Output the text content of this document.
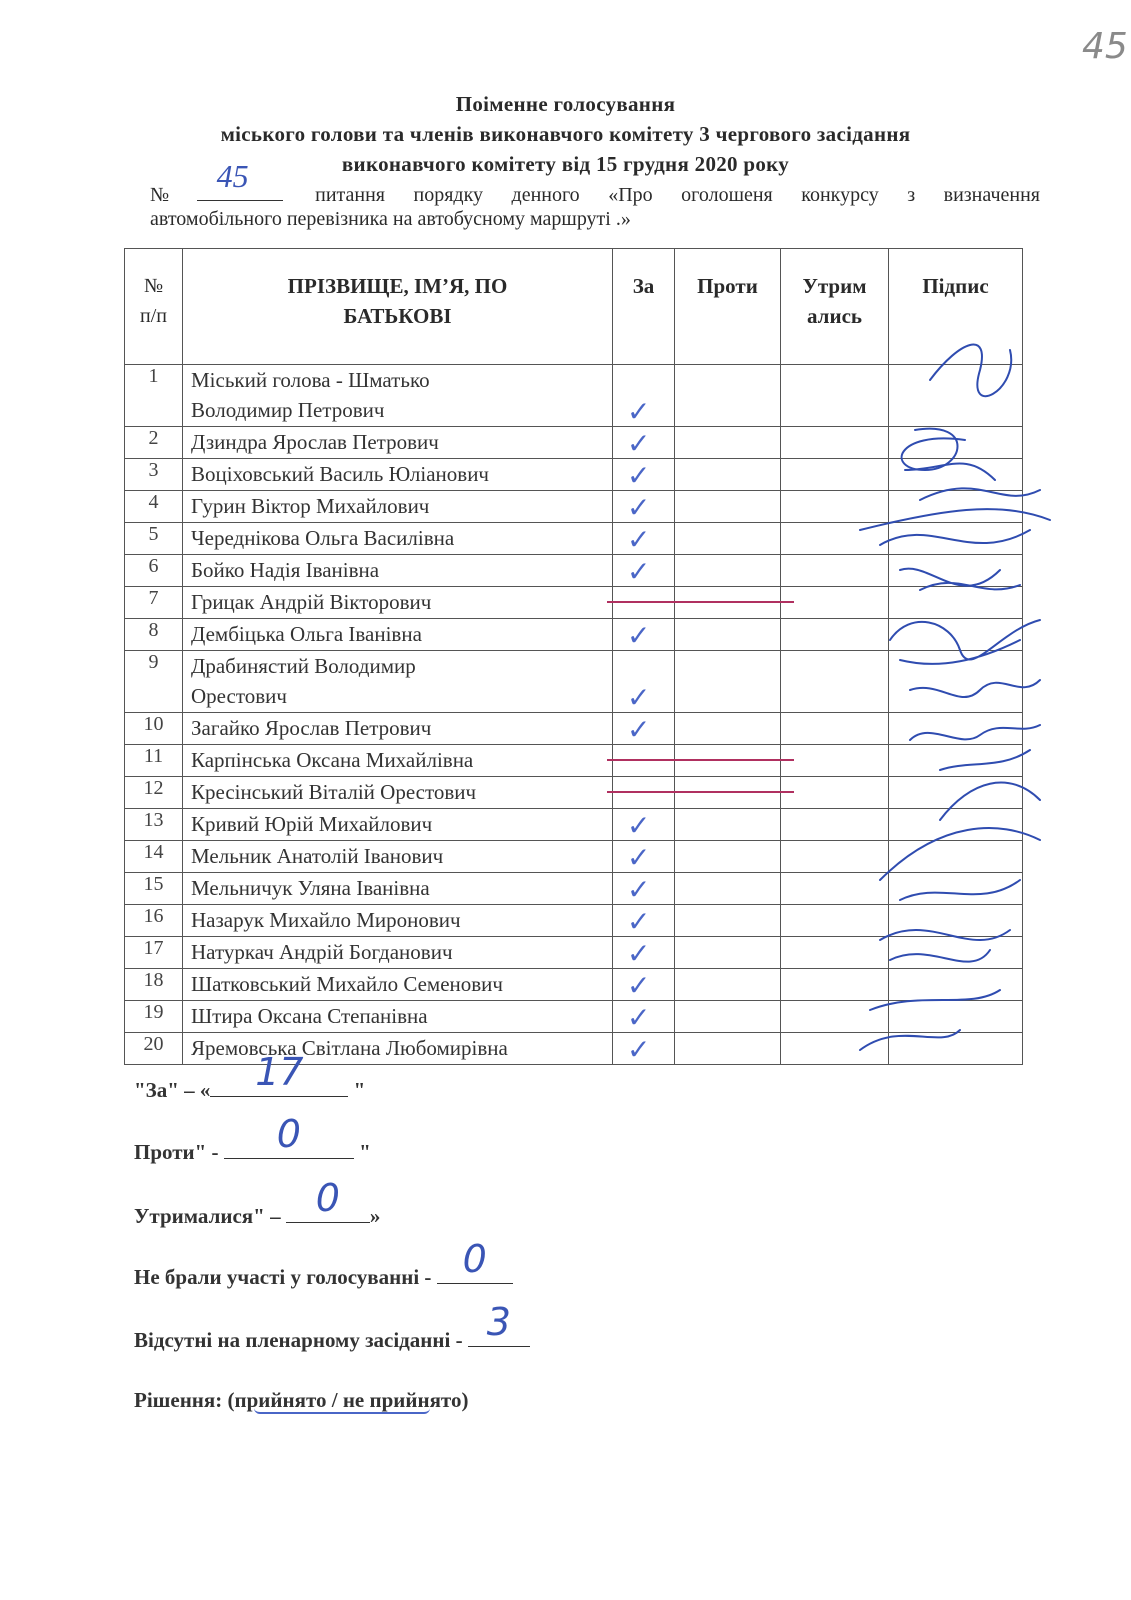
45
Поіменне голосування
міського голови та членів виконавчого комітету 3 чергового засідання
виконавчого комітету від 15 грудня 2020 року
№
45
питання порядку денного «Про оголошеня конкурсу з визначення
автомобільного перевізника на автобусному маршруті .»
№ п/п	ПРІЗВИЩЕ, ІМ’Я, ПО БАТЬКОВІ	За	Проти	Утрим ались	Підпис
1	Міський голова - Шматько Володимир Петрович	✓			

2	Дзиндра Ярослав Петрович	✓			

3	Воціховський Василь Юліанович	✓			

4	Гурин Віктор Михайлович	✓			

5	Череднікова Ольга Василівна	✓			

6	Бойко Надія Іванівна	✓			

7	Грицак Андрій Вікторович	

8	Дембіцька Ольга Іванівна	✓			

9	Драбинястий Володимир Орестович	✓			

10	Загайко Ярослав Петрович	✓			

11	Карпінська Оксана Михайлівна	

12	Кресінський Віталій Орестович	

13	Кривий Юрій Михайлович	✓			

14	Мельник Анатолій Іванович	✓			

15	Мельничук Уляна Іванівна	✓			

16	Назарук Михайло Миронович	✓			

17	Натуркач Андрій Богданович	✓			

18	Шатковський Михайло Семенович	✓			

19	Штира Оксана Степанівна	✓			

20	Яремовська Світлана Любомирівна	✓			

"За" – «	17	"
Проти" -	0	"
Утрималися" – 0	»
Не брали участі у голосуванні - 0
Відсутні на пленарному засіданні - 3
Рішення: (прийнято / не прийнято)
